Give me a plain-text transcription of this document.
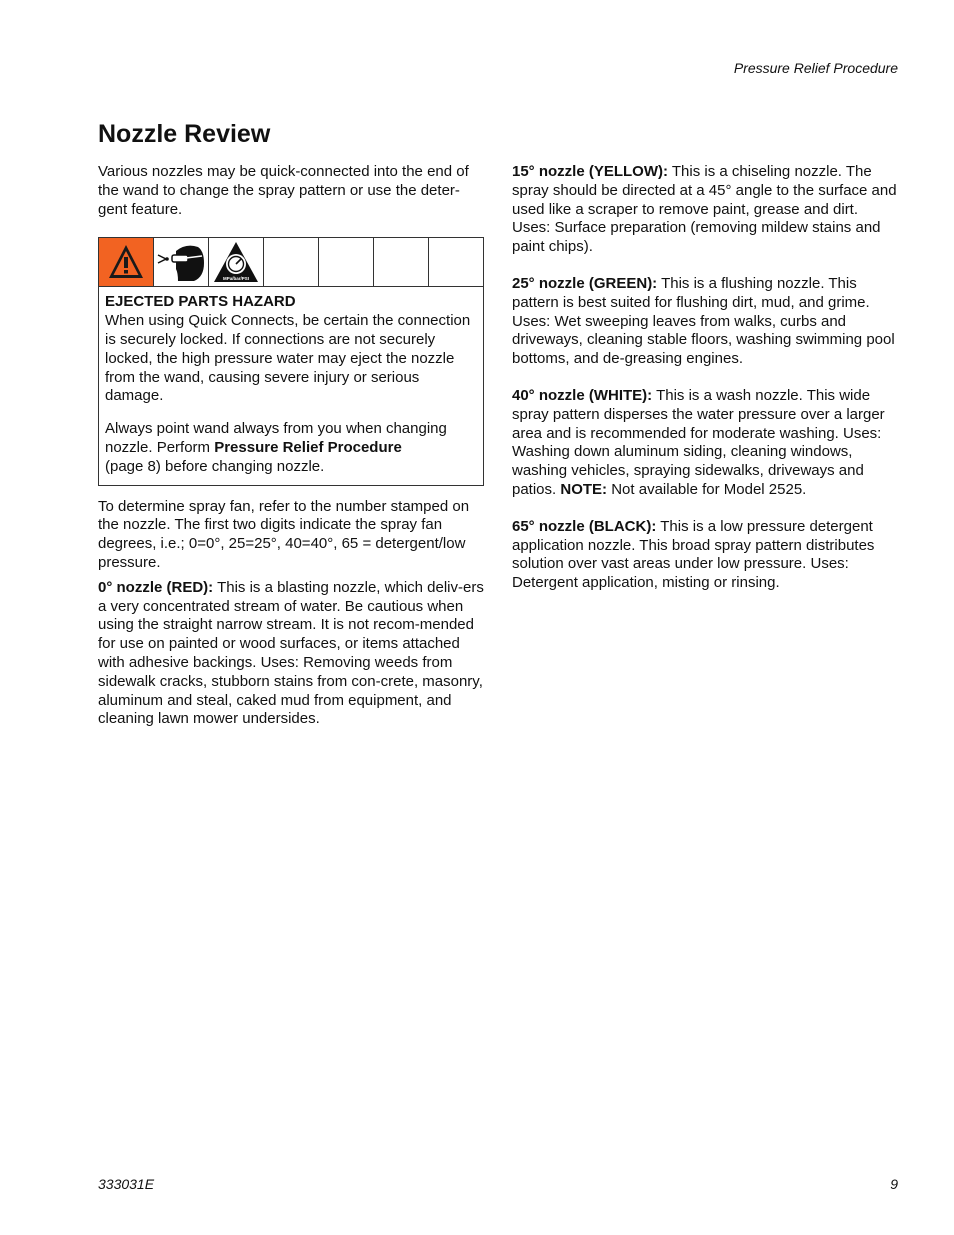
Pressure Relief Procedure
Nozzle Review

Various nozzles may be quick-connected into the end of the wand to change the spray pattern or use the deter-gent feature.

MPa/bar/PSI

EJECTED PARTS HAZARD
When using Quick Connects, be certain the connection is securely locked. If connections are not securely locked, the high pressure water may eject the nozzle from the wand, causing severe injury or serious damage.

Always point wand always from you when changing nozzle. Perform Pressure Relief Procedure
(page 8) before changing nozzle.

To determine spray fan, refer to the number stamped on the nozzle. The first two digits indicate the spray fan degrees, i.e.; 0=0°, 25=25°, 40=40°, 65 = detergent/low pressure.

0° nozzle (RED): This is a blasting nozzle, which deliv-ers a very concentrated stream of water. Be cautious when using the straight narrow stream. It is not recom-mended for use on painted or wood surfaces, or items attached with adhesive backings. Uses: Removing weeds from sidewalk cracks, stubborn stains from con-crete, masonry, aluminum and steal, caked mud from equipment, and cleaning lawn mower undersides.

15° nozzle (YELLOW): This is a chiseling nozzle. The spray should be directed at a 45° angle to the surface and used like a scraper to remove paint, grease and dirt. Uses: Surface preparation (removing mildew stains and paint chips).

25° nozzle (GREEN): This is a flushing nozzle. This pattern is best suited for flushing dirt, mud, and grime. Uses: Wet sweeping leaves from walks, curbs and driveways, cleaning stable floors, washing swimming pool bottoms, and de-greasing engines.

40° nozzle (WHITE): This is a wash nozzle. This wide spray pattern disperses the water pressure over a larger area and is recommended for moderate washing. Uses: Washing down aluminum siding, cleaning windows, washing vehicles, spraying sidewalks, driveways and patios. NOTE: Not available for Model 2525.

65° nozzle (BLACK): This is a low pressure detergent application nozzle. This broad spray pattern distributes solution over vast areas under low pressure. Uses: Detergent application, misting or rinsing.

333031E	9
